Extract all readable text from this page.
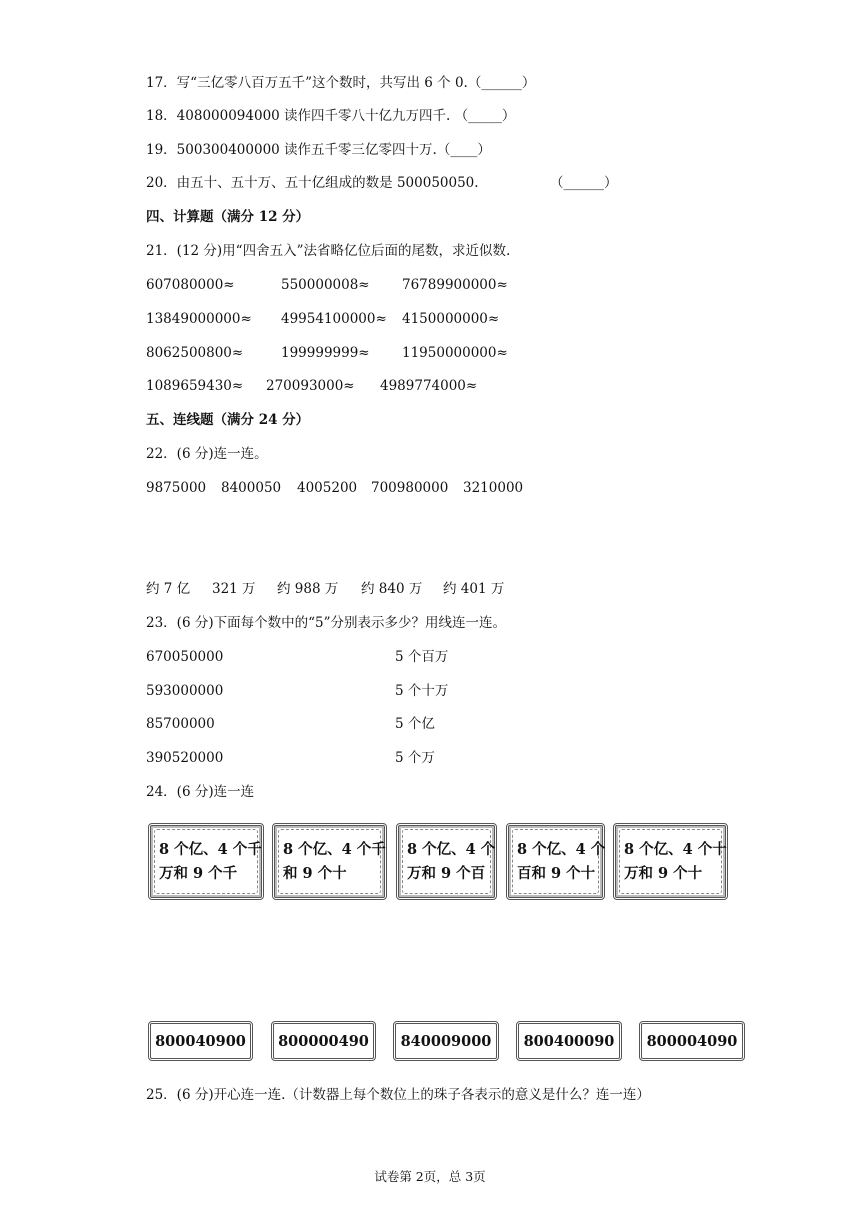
17．写“三亿零八百万五千”这个数时，共写出 6 个 0.（______）
18．408000094000 读作四千零八十亿九万四千. （_____）
19．500300400000 读作五千零三亿零四十万.（____）
20．由五十、五十万、五十亿组成的数是 500050050.	（______）
四、计算题（满分 12 分）
21．(12 分)用“四舍五入”法省略亿位后面的尾数，求近似数.
607080000≈	550000008≈ 76789900000≈
13849000000≈ 49954100000≈ 4150000000≈
8062500800≈	199999999≈ 11950000000≈
1089659430≈ 270093000≈ 4989774000≈
五、连线题（满分 24 分）
22．(6 分)连一连。
9875000 8400050 4005200 700980000 3210000
约 7 亿 321 万 约 988 万 约 840 万 约 401 万
23．(6 分)下面每个数中的“5”分别表示多少？用线连一连。
670050000	5 个百万
593000000	5 个十万
85700000	5 个亿
390520000	5 个万
24．(6 分)连一连
8 个亿、4 个千
万和 9 个千
8 个亿、4 个千
和 9 个十
8 个亿、4 个
万和 9 个百
8 个亿、4 个
百和 9 个十
8 个亿、4 个十
万和 9 个十
800040900	800000490	840009000	800400090	800004090
25．(6 分)开心连一连.（计数器上每个数位上的珠子各表示的意义是什么？连一连）
试卷第 2页，总 3页
